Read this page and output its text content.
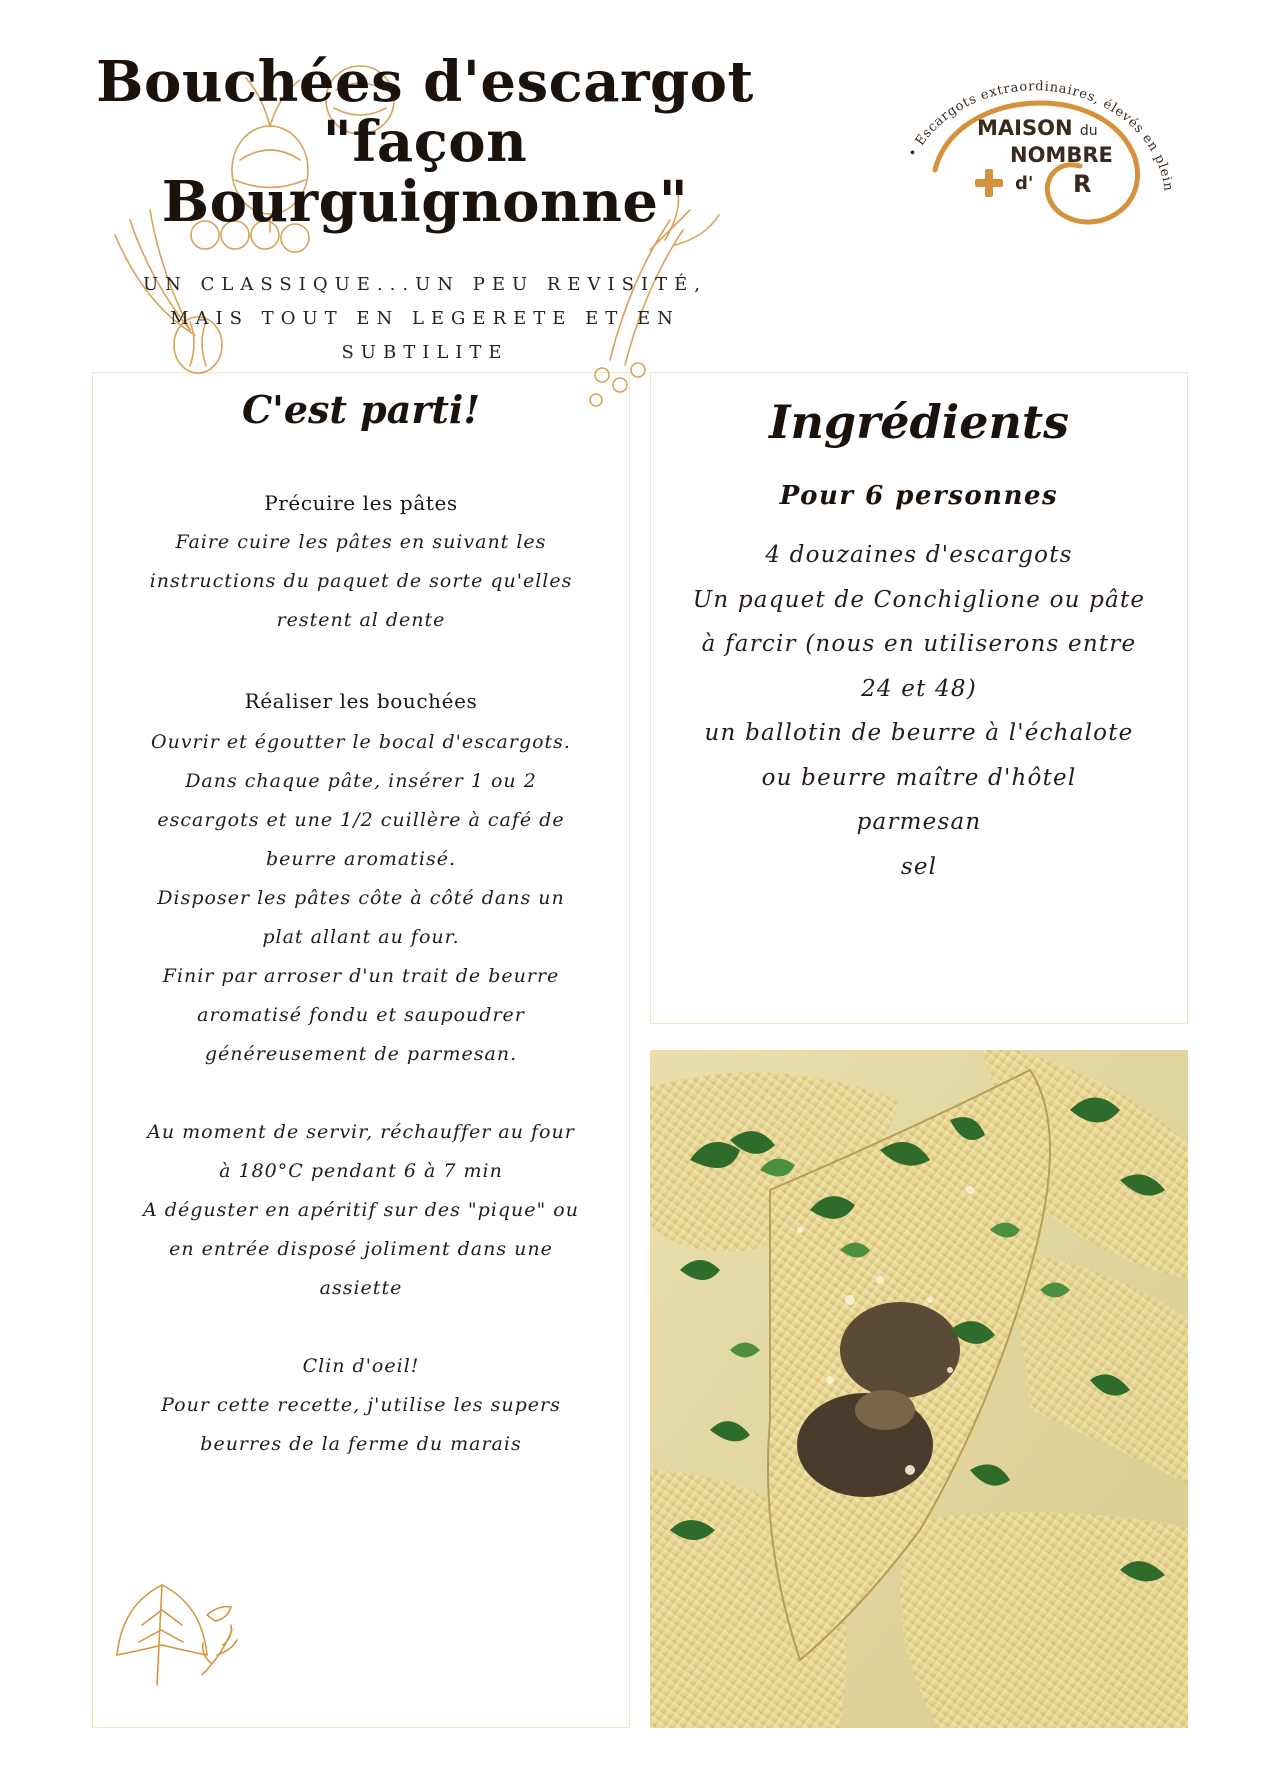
Bouchées d'escargot
"façon
Bourguignonne"
UN CLASSIQUE...UN PEU REVISITÉ,
MAIS TOUT EN LEGERETE ET EN
SUBTILITE
• Escargots extraordinaires, élevés en plein
MAISON du
NOMBRE
d' R
C'est parti!
Précuire les pâtes
Faire cuire les pâtes en suivant les
instructions du paquet de sorte qu'elles
restent al dente
Réaliser les bouchées
Ouvrir et égoutter le bocal d'escargots.
Dans chaque pâte, insérer 1 ou 2
escargots et une 1/2 cuillère à café de
beurre aromatisé.
Disposer les pâtes côte à côté dans un
plat allant au four.
Finir par arroser d'un trait de beurre
aromatisé fondu et saupoudrer
généreusement de parmesan.
Au moment de servir, réchauffer au four
à 180°C pendant 6 à 7 min
A déguster en apéritif sur des "pique" ou
en entrée disposé joliment dans une
assiette
Clin d'oeil!
Pour cette recette, j'utilise les supers
beurres de la ferme du marais
Ingrédients
Pour 6 personnes
4 douzaines d'escargots
Un paquet de Conchiglione ou pâte
à farcir (nous en utiliserons entre
24 et 48)
un ballotin de beurre à l'échalote
ou beurre maître d'hôtel
parmesan
sel
